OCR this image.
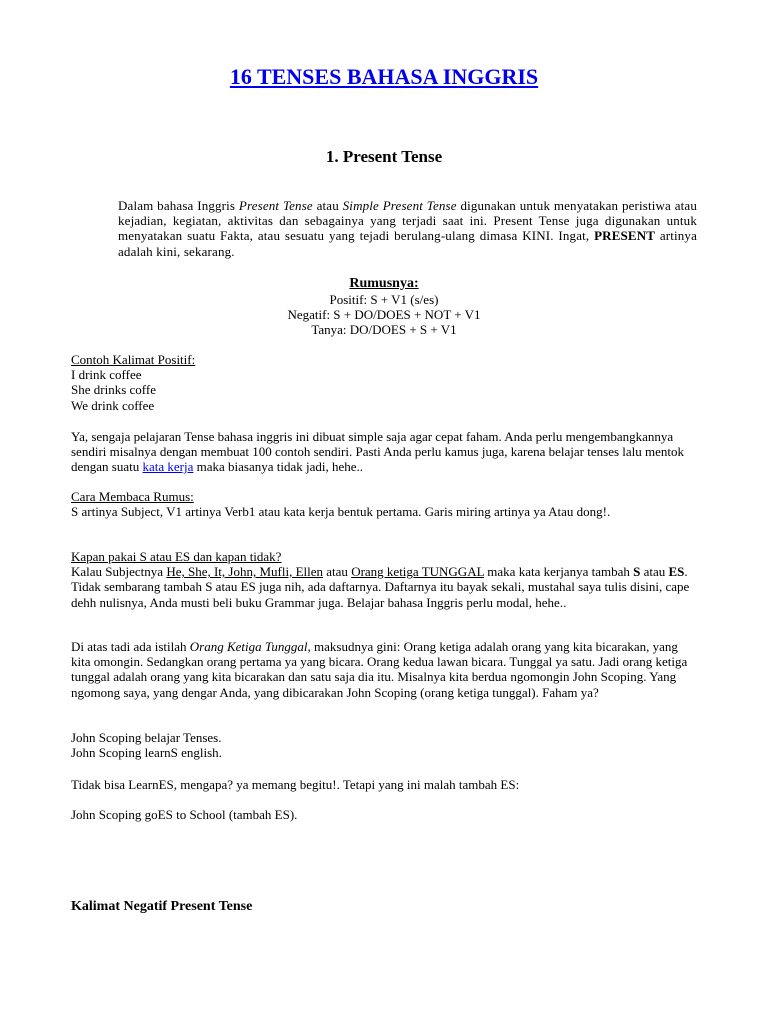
16 TENSES BAHASA INGGRIS
1. Present Tense

Dalam bahasa Inggris Present Tense atau Simple Present Tense digunakan untuk menyatakan peristiwa atau kejadian, kegiatan, aktivitas dan sebagainya yang terjadi saat ini. Present Tense juga digunakan untuk menyatakan suatu Fakta, atau sesuatu yang tejadi berulang-ulang dimasa KINI. Ingat, PRESENT artinya adalah kini, sekarang.

Rumusnya:
Positif: S + V1 (s/es)
Negatif: S + DO/DOES + NOT + V1
Tanya: DO/DOES + S + V1
Contoh Kalimat Positif:
I drink coffee
She drinks coffe
We drink coffee

Ya, sengaja pelajaran Tense bahasa inggris ini dibuat simple saja agar cepat faham. Anda perlu mengembangkannya sendiri misalnya dengan membuat 100 contoh sendiri. Pasti Anda perlu kamus juga, karena belajar tenses lalu mentok dengan suatu kata kerja maka biasanya tidak jadi, hehe..

Cara Membaca Rumus:
S artinya Subject, V1 artinya Verb1 atau kata kerja bentuk pertama. Garis miring artinya ya Atau dong!.
Kapan pakai S atau ES dan kapan tidak?

Kalau Subjectnya He, She, It, John, Mufli, Ellen atau Orang ketiga TUNGGAL maka kata kerjanya tambah S atau ES. Tidak sembarang tambah S atau ES juga nih, ada daftarnya. Daftarnya itu bayak sekali, mustahal saya tulis disini, cape dehh nulisnya, Anda musti beli buku Grammar juga. Belajar bahasa Inggris perlu modal, hehe..

Di atas tadi ada istilah Orang Ketiga Tunggal, maksudnya gini: Orang ketiga adalah orang yang kita bicarakan, yang kita omongin. Sedangkan orang pertama ya yang bicara. Orang kedua lawan bicara. Tunggal ya satu. Jadi orang ketiga tunggal adalah orang yang kita bicarakan dan satu saja dia itu. Misalnya kita berdua ngomongin John Scoping. Yang ngomong saya, yang dengar Anda, yang dibicarakan John Scoping (orang ketiga tunggal). Faham ya?

John Scoping belajar Tenses.
John Scoping learnS english.
Tidak bisa LearnES, mengapa? ya memang begitu!. Tetapi yang ini malah tambah ES:
John Scoping goES to School (tambah ES).
Kalimat Negatif Present Tense
